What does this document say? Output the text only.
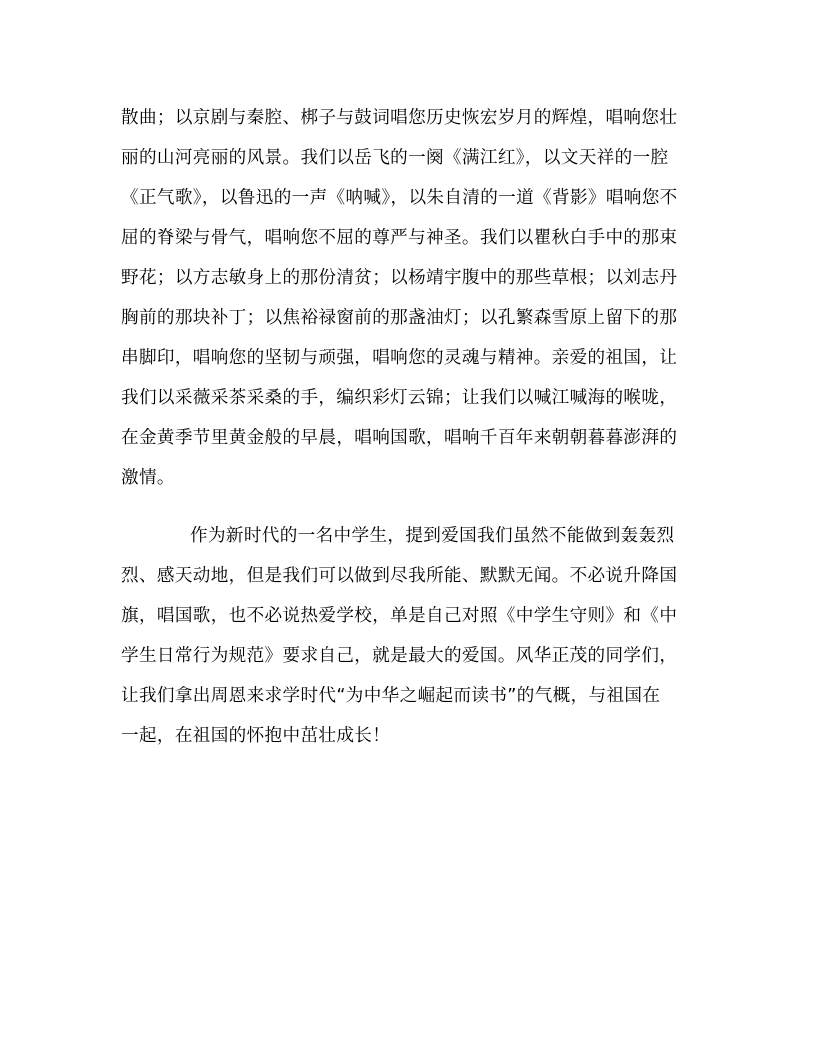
散曲；以京剧与秦腔、梆子与鼓词唱您历史恢宏岁月的辉煌，唱响您壮
丽的山河亮丽的风景。我们以岳飞的一阕《满江红》，以文天祥的一腔
《正气歌》，以鲁迅的一声《呐喊》，以朱自清的一道《背影》唱响您不
屈的脊梁与骨气，唱响您不屈的尊严与神圣。我们以瞿秋白手中的那束
野花；以方志敏身上的那份清贫；以杨靖宇腹中的那些草根；以刘志丹
胸前的那块补丁；以焦裕禄窗前的那盏油灯；以孔繁森雪原上留下的那
串脚印，唱响您的坚韧与顽强，唱响您的灵魂与精神。亲爱的祖国，让
我们以采薇采茶采桑的手，编织彩灯云锦；让我们以喊江喊海的喉咙，
在金黄季节里黄金般的早晨，唱响国歌，唱响千百年来朝朝暮暮澎湃的
激情。
作为新时代的一名中学生，提到爱国我们虽然不能做到轰轰烈
烈、感天动地，但是我们可以做到尽我所能、默默无闻。不必说升降国
旗，唱国歌，也不必说热爱学校，单是自己对照《中学生守则》和《中
学生日常行为规范》要求自己，就是最大的爱国。风华正茂的同学们，
让我们拿出周恩来求学时代“为中华之崛起而读书”的气概，与祖国在
一起，在祖国的怀抱中茁壮成长！
